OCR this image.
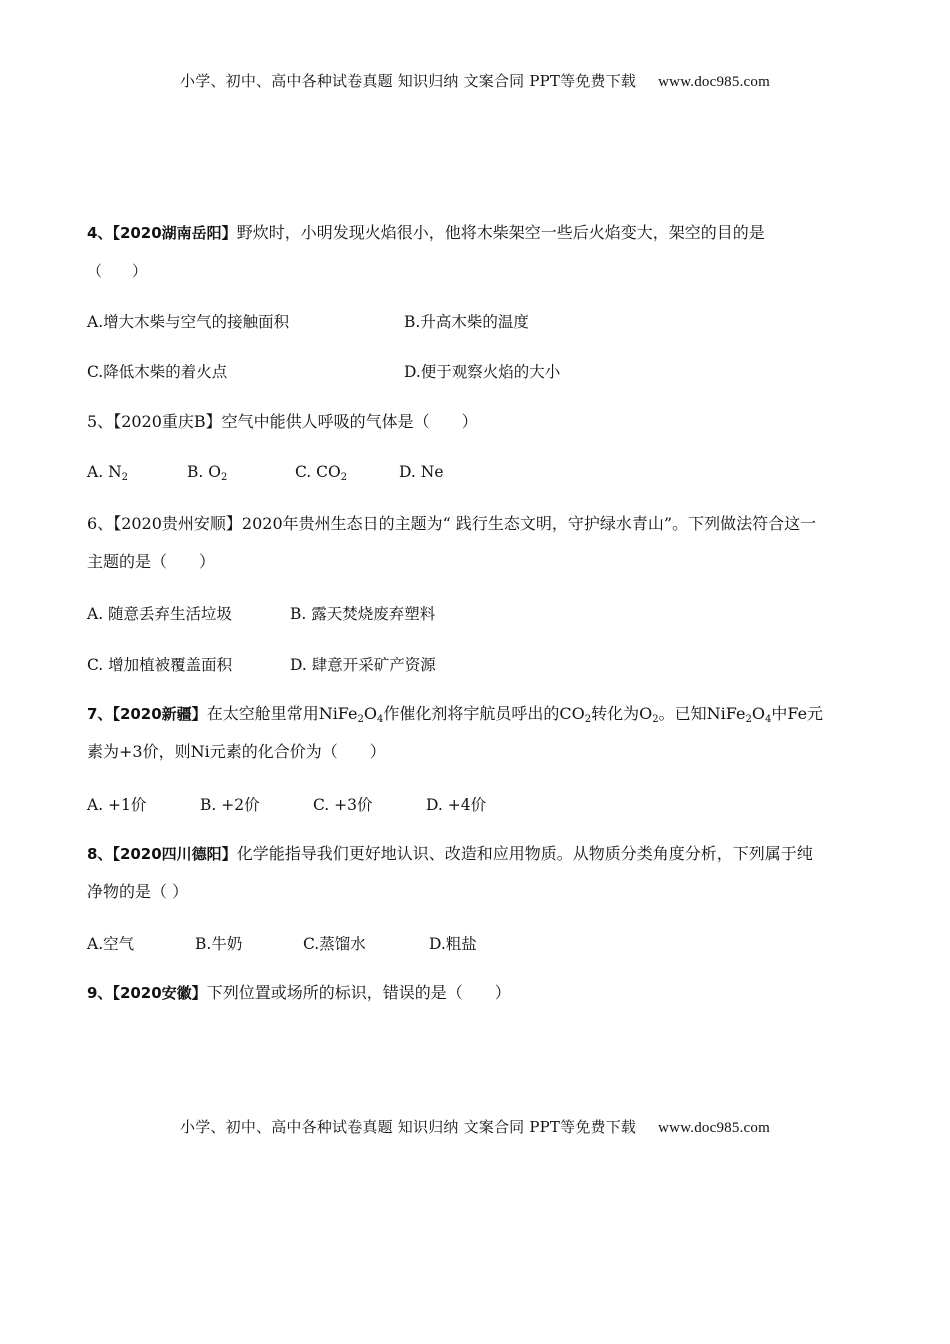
小学、初中、高中各种试卷真题 知识归纳 文案合同 PPT等免费下载 www.doc985.com
4、【2020湖南岳阳】野炊时，小明发现火焰很小，他将木柴架空一些后火焰变大，架空的目的是
（　　）
A.增大木柴与空气的接触面积	B.升高木柴的温度
C.降低木柴的着火点	D.便于观察火焰的大小
5、【2020重庆B】空气中能供人呼吸的气体是（　　）
A. $N_2$	B. $O_2$	C. $CO_2$	D. Ne
6、【2020贵州安顺】2020年贵州生态日的主题为“ 践行生态文明，守护绿水青山”。下列做法符合这一
主题的是（　　）
A. 随意丢弃生活垃圾	B. 露天焚烧废弃塑料
C. 增加植被覆盖面积	D. 肆意开采矿产资源
7、【2020新疆】在太空舱里常用$NiFe_2O_4$作催化剂将宇航员呼出的$CO_2$转化为$O_2$。已知$NiFe_2O_4$中Fe元
素为+3价，则Ni元素的化合价为（　　）
A. +1价	B. +2价	C. +3价	D. +4价
8、【2020四川德阳】化学能指导我们更好地认识、改造和应用物质。从物质分类角度分析，下列属于纯
净物的是（ ）
A.空气	B.牛奶	C.蒸馏水	D.粗盐
9、【2020安徽】下列位置或场所的标识，错误的是（　　）
小学、初中、高中各种试卷真题 知识归纳 文案合同 PPT等免费下载 www.doc985.com
